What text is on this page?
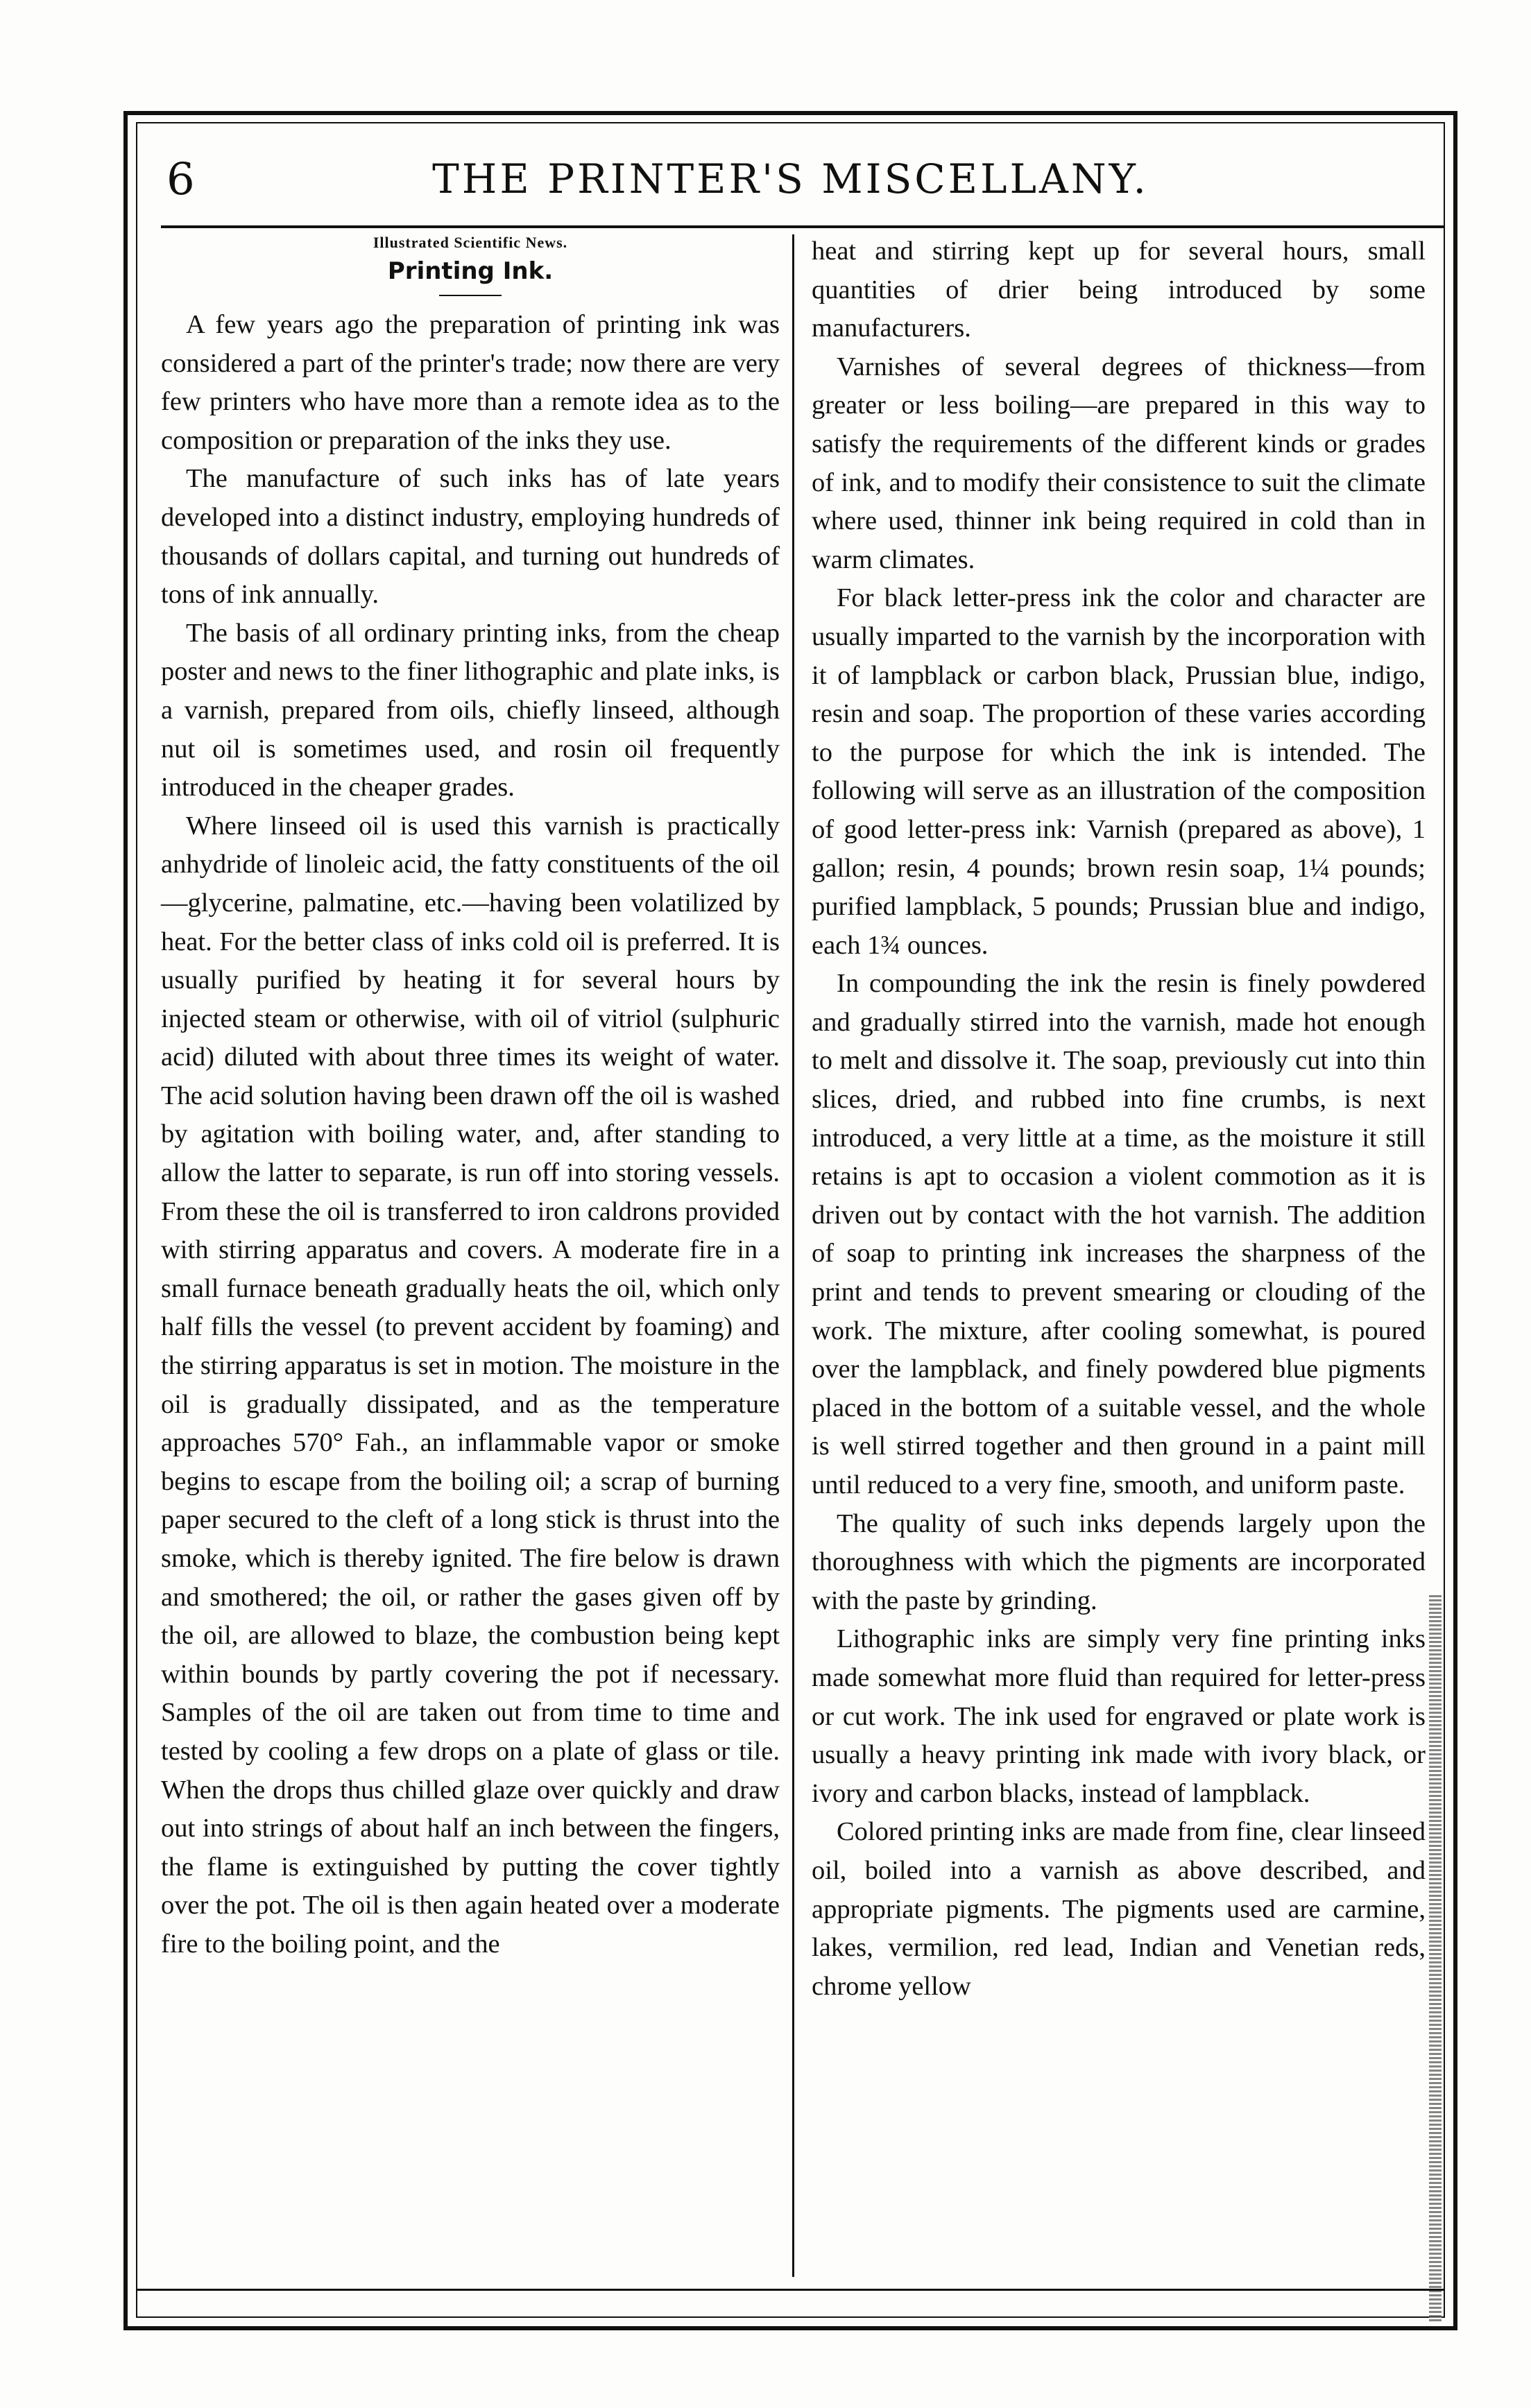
6	THE PRINTER'S MISCELLANY.
Illustrated Scientific News.
Printing Ink.

A few years ago the preparation of printing ink was considered a part of the printer's trade; now there are very few printers who have more than a remote idea as to the composition or preparation of the inks they use.

The manufacture of such inks has of late years developed into a distinct industry, employing hundreds of thousands of dollars capital, and turning out hundreds of tons of ink annually.

The basis of all ordinary printing inks, from the cheap poster and news to the finer lithographic and plate inks, is a varnish, prepared from oils, chiefly linseed, although nut oil is sometimes used, and rosin oil frequently introduced in the cheaper grades.

Where linseed oil is used this varnish is practically anhydride of linoleic acid, the fatty constituents of the oil—glycerine, palmatine, etc.—having been volatilized by heat. For the better class of inks cold oil is preferred. It is usually purified by heating it for several hours by injected steam or otherwise, with oil of vitriol (sulphuric acid) diluted with about three times its weight of water. The acid solution having been drawn off the oil is washed by agitation with boiling water, and, after standing to allow the latter to separate, is run off into storing vessels. From these the oil is transferred to iron caldrons provided with stirring apparatus and covers. A moderate fire in a small furnace beneath gradually heats the oil, which only half fills the vessel (to prevent accident by foaming) and the stirring apparatus is set in motion. The moisture in the oil is gradually dissipated, and as the temperature approaches 570° Fah., an inflammable vapor or smoke begins to escape from the boiling oil; a scrap of burning paper secured to the cleft of a long stick is thrust into the smoke, which is thereby ignited. The fire below is drawn and smothered; the oil, or rather the gases given off by the oil, are allowed to blaze, the combustion being kept within bounds by partly covering the pot if necessary. Samples of the oil are taken out from time to time and tested by cooling a few drops on a plate of glass or tile. When the drops thus chilled glaze over quickly and draw out into strings of about half an inch between the fingers, the flame is extinguished by putting the cover tightly over the pot. The oil is then again heated over a moderate fire to the boiling point, and the

heat and stirring kept up for several hours, small quantities of drier being introduced by some manufacturers.

Varnishes of several degrees of thickness—from greater or less boiling—are prepared in this way to satisfy the requirements of the different kinds or grades of ink, and to modify their consistence to suit the climate where used, thinner ink being required in cold than in warm climates.

For black letter-press ink the color and character are usually imparted to the varnish by the incorporation with it of lampblack or carbon black, Prussian blue, indigo, resin and soap. The proportion of these varies according to the purpose for which the ink is intended. The following will serve as an illustration of the composition of good letter-press ink: Varnish (prepared as above), 1 gallon; resin, 4 pounds; brown resin soap, 1¼ pounds; purified lampblack, 5 pounds; Prussian blue and indigo, each 1¾ ounces.

In compounding the ink the resin is finely powdered and gradually stirred into the varnish, made hot enough to melt and dissolve it. The soap, previously cut into thin slices, dried, and rubbed into fine crumbs, is next introduced, a very little at a time, as the moisture it still retains is apt to occasion a violent commotion as it is driven out by contact with the hot varnish. The addition of soap to printing ink increases the sharpness of the print and tends to prevent smearing or clouding of the work. The mixture, after cooling somewhat, is poured over the lampblack, and finely powdered blue pigments placed in the bottom of a suitable vessel, and the whole is well stirred together and then ground in a paint mill until reduced to a very fine, smooth, and uniform paste.

The quality of such inks depends largely upon the thoroughness with which the pigments are incorporated with the paste by grinding.

Lithographic inks are simply very fine printing inks made somewhat more fluid than required for letter-press or cut work. The ink used for engraved or plate work is usually a heavy printing ink made with ivory black, or ivory and carbon blacks, instead of lampblack.

Colored printing inks are made from fine, clear linseed oil, boiled into a varnish as above described, and appropriate pigments. The pigments used are carmine, lakes, vermilion, red lead, Indian and Venetian reds, chrome yellow
